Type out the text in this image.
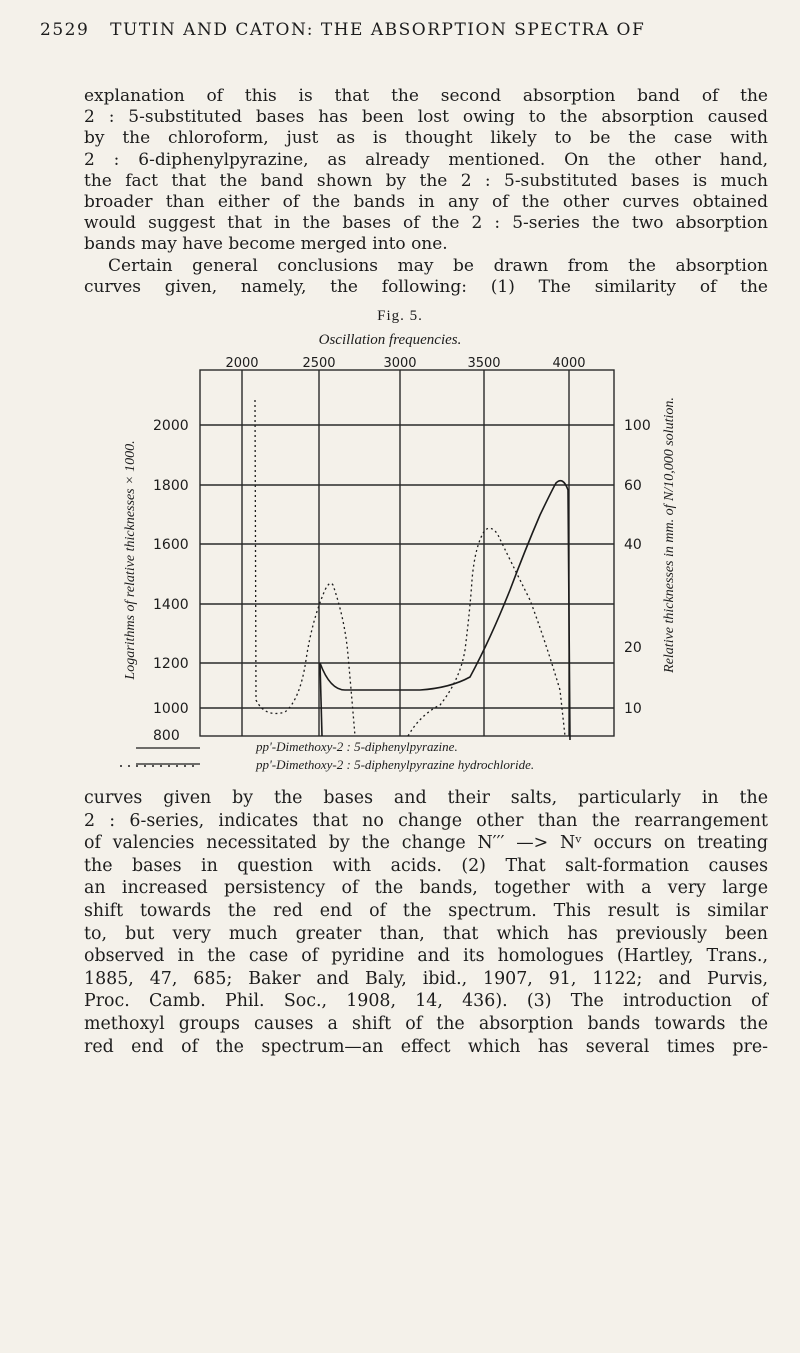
2529 TUTIN AND CATON: THE ABSORPTION SPECTRA OF
explanation of this is that the second absorption band of the
2 : 5-substituted bases has been lost owing to the absorption caused
by the chloroform, just as is thought likely to be the case with
2 : 6-diphenylpyrazine, as already mentioned. On the other hand,
the fact that the band shown by the 2 : 5-substituted bases is much
broader than either of the bands in any of the other curves obtained
would suggest that in the bases of the 2 : 5-series the two absorption
bands may have become merged into one.
Certain general conclusions may be drawn from the absorption
curves given, namely, the following: (1) The similarity of the
Fig. 5.
Oscillation frequencies.
2000	2500	3000	3500	4000
2000
1800
1600
1400
1200
1000
800
100
60
40
20
10
Logarithms of relative thicknesses × 1000.	Relative thicknesses in mm. of N/10,000 solution.
pp'-Dimethoxy-2 : 5-diphenylpyrazine.
pp'-Dimethoxy-2 : 5-diphenylpyrazine hydrochloride.
curves given by the bases and their salts, particularly in the
2 : 6-series, indicates that no change other than the rearrangement
of valencies necessitated by the change N′′′ —> Nᵛ occurs on treating
the bases in question with acids. (2) That salt-formation causes
an increased persistency of the bands, together with a very large
shift towards the red end of the spectrum. This result is similar
to, but very much greater than, that which has previously been
observed in the case of pyridine and its homologues (Hartley, Trans.,
1885, 47, 685; Baker and Baly, ibid., 1907, 91, 1122; and Purvis,
Proc. Camb. Phil. Soc., 1908, 14, 436). (3) The introduction of
methoxyl groups causes a shift of the absorption bands towards the
red end of the spectrum—an effect which has several times pre-
